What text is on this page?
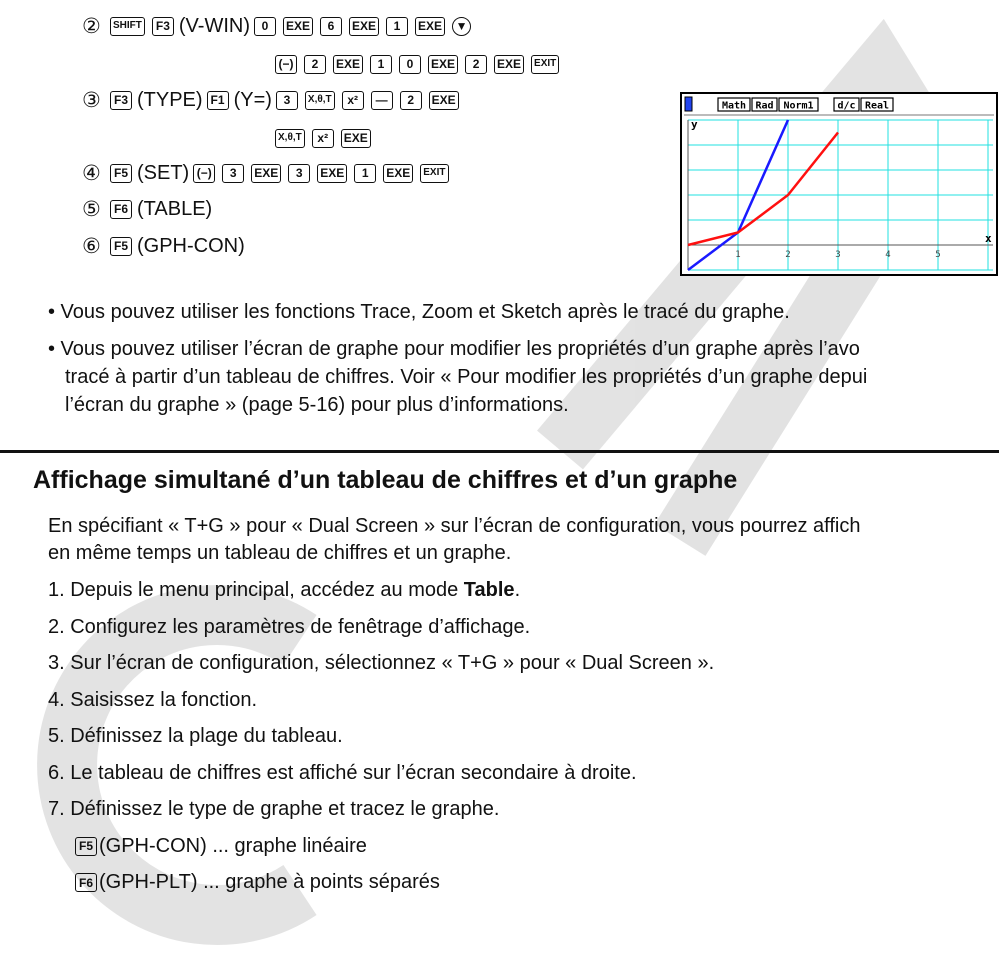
②	SHIFT	F3 (V-WIN) 0	EXE	6	EXE	1	EXE ▼
(−)	2	EXE	1	0	EXE	2	EXE	EXIT
③	F3 (TYPE) F1 (Y=) 3	X,θ,T	x²	—	2	EXE
X,θ,T	x²	EXE
④	F5 (SET) (−)	3	EXE	3	EXE	1	EXE	EXIT
⑤	F6 (TABLE)
⑥	F5 (GPH-CON)
Math Rad Norm1 d/c Real
1	2	3	4	5
x
y
• Vous pouvez utiliser les fonctions Trace, Zoom et Sketch après le tracé du graphe.
• Vous pouvez utiliser l’écran de graphe pour modifier les propriétés d’un graphe après l’avo
tracé à partir d’un tableau de chiffres. Voir « Pour modifier les propriétés d’un graphe depui
l’écran du graphe » (page 5-16) pour plus d’informations.
Affichage simultané d’un tableau de chiffres et d’un graphe
En spécifiant « T+G » pour « Dual Screen » sur l’écran de configuration, vous pourrez affich
en même temps un tableau de chiffres et un graphe.
1. Depuis le menu principal, accédez au mode Table.
2. Configurez les paramètres de fenêtrage d’affichage.
3. Sur l’écran de configuration, sélectionnez « T+G » pour « Dual Screen ».
4. Saisissez la fonction.
5. Définissez la plage du tableau.
6. Le tableau de chiffres est affiché sur l’écran secondaire à droite.
7. Définissez le type de graphe et tracez le graphe.
F5 (GPH-CON) ... graphe linéaire
F6 (GPH-PLT) ... graphe à points séparés
